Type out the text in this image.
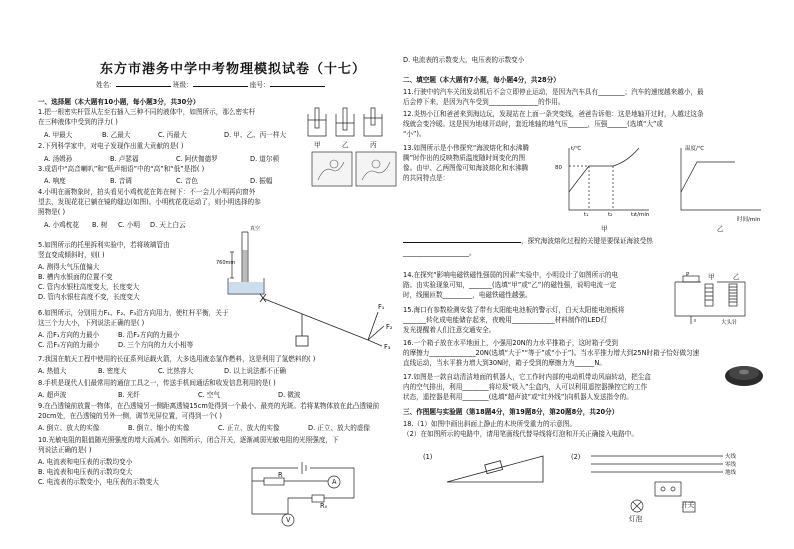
东方市港务中学中考物理模拟试卷（十七）
姓名：	班级：	座号：
一、选择题（本大题有10小题，每小题3分，共30分）
1.把一根密实杆管从左至右插入三种不同的液体中，如图所示，那么密实杆
在三种液体中受到的浮力( )
A. 甲最大	B. 乙最大	C. 丙最大	D. 甲、乙、丙一样大
甲	乙	丙
2.下列科学家中，对电子发现作出重大贡献的是( )
A. 汤姆孙	B. 卢瑟福	C. 阿伏伽德罗	D. 道尔顿
3.成语中“高音喇叭”和“低声细语”中的“高”和“低”是指( )
A. 响度	B. 音调	C. 音色	D. 振幅
4.小明在画物象时，拍头看见小鸡枕花在阵在树下：不一会儿小明再向窗外
望去，发现花花已躺在镜的缝边(如图)。小明枕花花运动了，则小明选择的参
照物是( )
A. 小鸡枕花 B. 树 C. 小明 D. 天上白云
5.如图所示的托里拆利实验中，若将玻璃管由
竖直变成倾斜时，则( )
A. 测得大气压值偏大
B. 槽内水银面的位置不变
C. 管内水银柱高度变大，长度变大
D. 管内水银柱高度不变，长度变大
真空
760mm
6.如图所示，分别用力F₁、F₂、F₃沿方向用力，使杠杆平衡，关于
这三个力大小，下列说法正确的是( )
A. 沿F₁方向的力最小	B. 沿F₂方向的力最小
C. 沿F₃方向的力最小	D. 三个方向的力大小相等
F₁
F₂
F₃
7.我国在航天工程中使用的长征系列运载火箭，大多选用液态氢作燃料，这是利用了氢燃料的( )
A. 热值大	B. 密度大	C. 比热容大	D. 以上说法都不正确
8.手机是现代人们最常用的通信工具之一，传送手机间通话和收发信息利用的是( )
A. 超声波	B. 光纤	C. 空气	D. 微波
9.在凸透镜前放置一物体，在凸透镜另一侧距离透镜15cm处得到一个最小、最亮的光斑。若将某物体放在此凸透镜前
20cm处，在凸透镜的另外一侧，调节光屏位置，可得到一个( )
A. 倒立、放大的实像	B. 倒立、缩小的实像	C. 正立、放大的实像	D. 正立、放大的虚像
10.光敏电阻的阻值随光照强度的增大而减小。如图所示，闭合开关，逐渐减弱光敏电阻的光照强度，下
列说法正确的是( )
A. 电流表和电压表的示数均变小
B. 电流表和电压表的示数均变大
C. 电流表的示数变小，电压表的示数变大
R
A
R₀
V
D. 电流表的示数变大，电压表的示数变小
二、填空题（本大题有7小题，每小题4分，共28分）
11.行驶中的汽车关闭发动机后不会立即停止运动，是因为汽车具有________；汽车的速度越来越小，最
后会停下来，是因为汽车受到_______________的作用。
12.炎热小江和爸爸来到海边玩，发现站在上面一条突变线，爸爸告诉他：这是地轴开过时，人越过这条
线就会变冷暖。这是因为地球开动时，套近地轴的地气压______，压强______(选填“大”或
“小”)。
13.如图所示是小伟探究“海波熔化和水沸腾
腾”时作出的反映物质温度随时间变化的图
像。由甲、乙两图像可知海波熔化和水沸腾
的共同特点是：
t/℃
80
t₁	t₂	t₃ t/min
甲
温度/℃
时间/min
乙
，探究海波熔化过程的关键是要保证海波受热
____________________。
14.在探究“影响电磁铁磁性强弱的因素”实验中，小明设计了如图所示的电
路。由实验现象可知，_______(选填“甲”或“乙”)的磁性强，说明电流一定
时，线圈匝数_________，电磁铁磁性越强。
P	甲	乙
大头针
15.海口有参数检测安装了带有太阳能电池板的警示灯，白天太阳能电池板将
_______转化成电能储存起来，夜晚用_____________材料制作的LED灯
发光提醒着人们注意交通安全。
16.一个箱子放在水平地面上，小强用20N的力水平推箱子，这时箱子受到
的摩擦力______________20N(选填“大于”“等于”或“小于”)。当水平推力增大到25N时箱子恰好做匀速
直线运动，当水平推力增大到30N时，箱子受到的摩擦力为______N。
17.如图是一款自动清洁地面的机器人，它工作时内部的电动机带动风扇转动，把尘盒
内的空气排出，利用________将垃圾“吸入”尘盒内，人可以利用遥控器操控它的工作
状态，遥控器是利用________(选填“超声波”或“红外线”)向机器人发送指令的。
三、作图题与实验题（第18题4分，第19题8分，第20题8分，共20分）
18.（1）如图中画出斜面上静止的木块所受重力的示意图。
（2）在如图所示的电路中，请用笔画线代替导线将灯泡和开关正确接入电路中。
(1)	(2)	火线
零线
地线
灯泡
开关
